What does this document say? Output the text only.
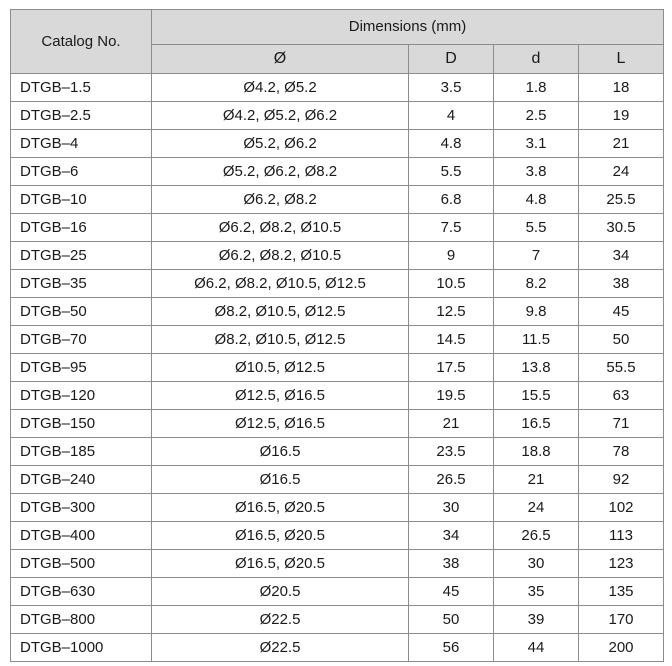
Catalog No.	Dimensions (mm)			
	Ø	D	d	L
DTGB–1.5	Ø4.2, Ø5.2	3.5	1.8	18
DTGB–2.5	Ø4.2, Ø5.2, Ø6.2	4	2.5	19
DTGB–4	Ø5.2, Ø6.2	4.8	3.1	21
DTGB–6	Ø5.2, Ø6.2, Ø8.2	5.5	3.8	24
DTGB–10	Ø6.2, Ø8.2	6.8	4.8	25.5
DTGB–16	Ø6.2, Ø8.2, Ø10.5	7.5	5.5	30.5
DTGB–25	Ø6.2, Ø8.2, Ø10.5	9	7	34
DTGB–35	Ø6.2, Ø8.2, Ø10.5, Ø12.5	10.5	8.2	38
DTGB–50	Ø8.2, Ø10.5, Ø12.5	12.5	9.8	45
DTGB–70	Ø8.2, Ø10.5, Ø12.5	14.5	11.5	50
DTGB–95	Ø10.5, Ø12.5	17.5	13.8	55.5
DTGB–120	Ø12.5, Ø16.5	19.5	15.5	63
DTGB–150	Ø12.5, Ø16.5	21	16.5	71
DTGB–185	Ø16.5	23.5	18.8	78
DTGB–240	Ø16.5	26.5	21	92
DTGB–300	Ø16.5, Ø20.5	30	24	102
DTGB–400	Ø16.5, Ø20.5	34	26.5	113
DTGB–500	Ø16.5, Ø20.5	38	30	123
DTGB–630	Ø20.5	45	35	135
DTGB–800	Ø22.5	50	39	170
DTGB–1000	Ø22.5	56	44	200
